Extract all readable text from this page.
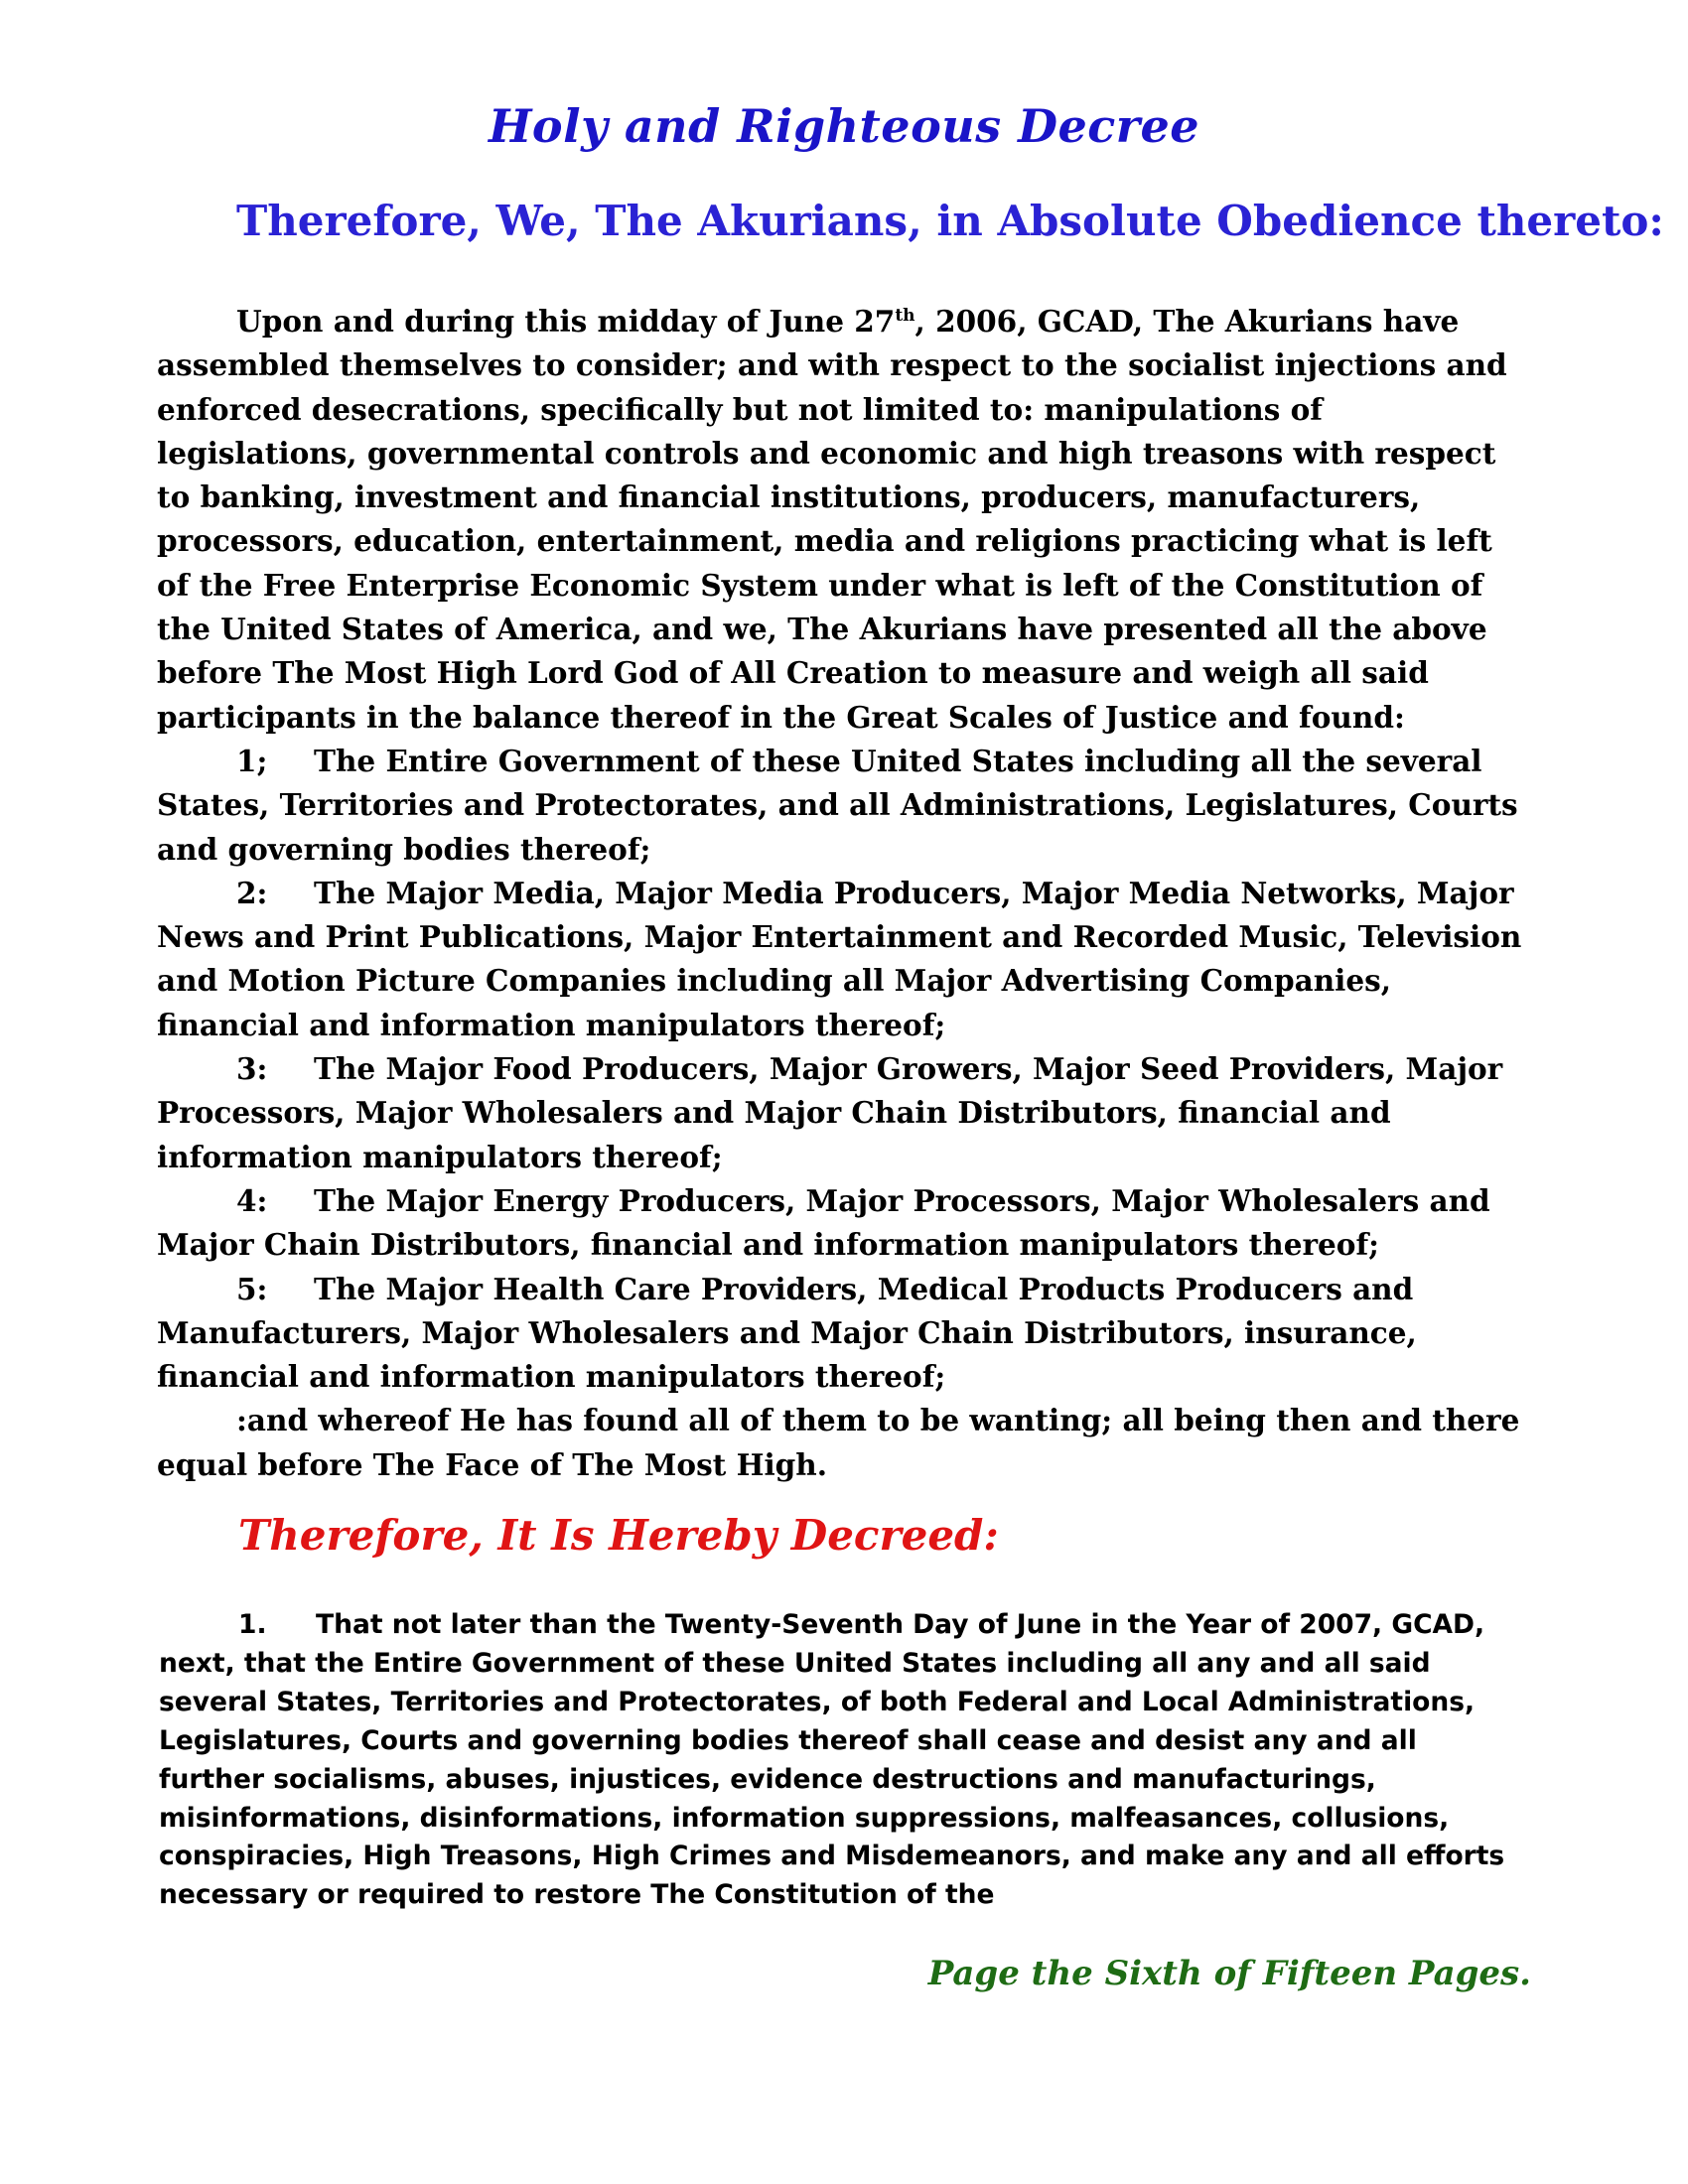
Holy and Righteous Decree
Therefore, We, The Akurians, in Absolute Obedience thereto:

Upon and during this midday of June 27th, 2006, GCAD, The Akurians have assembled themselves to consider; and with respect to the socialist injections and enforced desecrations, specifically but not limited to: manipulations of legislations, governmental controls and economic and high treasons with respect to banking, investment and financial institutions, producers, manufacturers, processors, education, entertainment, media and religions practicing what is left of the Free Enterprise Economic System under what is left of the Constitution of the United States of America, and we, The Akurians have presented all the above before The Most High Lord God of All Creation to measure and weigh all said participants in the balance thereof in the Great Scales of Justice and found:

1; The Entire Government of these United States including all the several States, Territories and Protectorates, and all Administrations, Legislatures, Courts and governing bodies thereof;

2: The Major Media, Major Media Producers, Major Media Networks, Major News and Print Publications, Major Entertainment and Recorded Music, Television and Motion Picture Companies including all Major Advertising Companies, financial and information manipulators thereof;

3: The Major Food Producers, Major Growers, Major Seed Providers, Major Processors, Major Wholesalers and Major Chain Distributors, financial and information manipulators thereof;

4: The Major Energy Producers, Major Processors, Major Wholesalers and Major Chain Distributors, financial and information manipulators thereof;

5: The Major Health Care Providers, Medical Products Producers and Manufacturers, Major Wholesalers and Major Chain Distributors, insurance, financial and information manipulators thereof;

:and whereof He has found all of them to be wanting; all being then and there equal before The Face of The Most High.

Therefore, It Is Hereby Decreed:

1. That not later than the Twenty-Seventh Day of June in the Year of 2007, GCAD, next, that the Entire Government of these United States including all any and all said several States, Territories and Protectorates, of both Federal and Local Administrations, Legislatures, Courts and governing bodies thereof shall cease and desist any and all further socialisms, abuses, injustices, evidence destructions and manufacturings, misinformations, disinformations, information suppressions, malfeasances, collusions, conspiracies, High Treasons, High Crimes and Misdemeanors, and make any and all efforts necessary or required to restore The Constitution of the

Page the Sixth of Fifteen Pages.
